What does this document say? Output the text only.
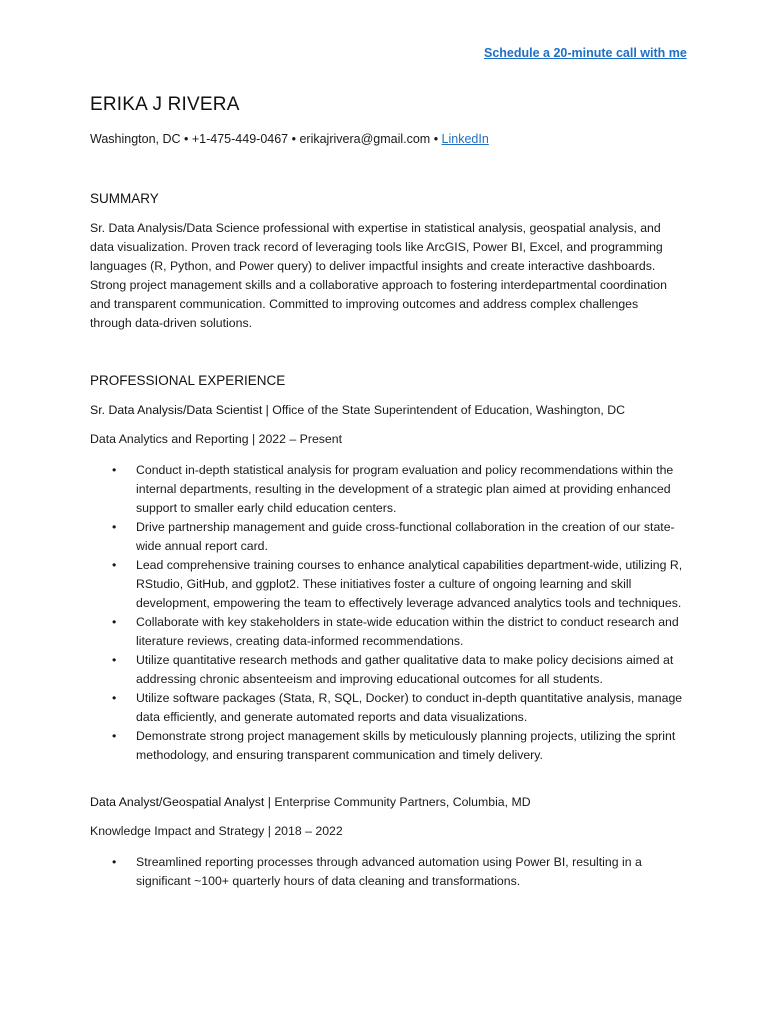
Schedule a 20-minute call with me
ERIKA J RIVERA
Washington, DC • +1-475-449-0467 • erikajrivera@gmail.com • LinkedIn
SUMMARY
Sr. Data Analysis/Data Science professional with expertise in statistical analysis, geospatial analysis, and data visualization. Proven track record of leveraging tools like ArcGIS, Power BI, Excel, and programming languages (R, Python, and Power query) to deliver impactful insights and create interactive dashboards. Strong project management skills and a collaborative approach to fostering interdepartmental coordination and transparent communication. Committed to improving outcomes and address complex challenges through data-driven solutions.
PROFESSIONAL EXPERIENCE
Sr. Data Analysis/Data Scientist | Office of the State Superintendent of Education, Washington, DC
Data Analytics and Reporting | 2022 – Present
• Conduct in-depth statistical analysis for program evaluation and policy recommendations within the internal departments, resulting in the development of a strategic plan aimed at providing enhanced support to smaller early child education centers.
• Drive partnership management and guide cross-functional collaboration in the creation of our state-wide annual report card.
• Lead comprehensive training courses to enhance analytical capabilities department-wide, utilizing R, RStudio, GitHub, and ggplot2. These initiatives foster a culture of ongoing learning and skill development, empowering the team to effectively leverage advanced analytics tools and techniques.
• Collaborate with key stakeholders in state-wide education within the district to conduct research and literature reviews, creating data-informed recommendations.
• Utilize quantitative research methods and gather qualitative data to make policy decisions aimed at addressing chronic absenteeism and improving educational outcomes for all students.
• Utilize software packages (Stata, R, SQL, Docker) to conduct in-depth quantitative analysis, manage data efficiently, and generate automated reports and data visualizations.
• Demonstrate strong project management skills by meticulously planning projects, utilizing the sprint methodology, and ensuring transparent communication and timely delivery.
Data Analyst/Geospatial Analyst | Enterprise Community Partners, Columbia, MD
Knowledge Impact and Strategy | 2018 – 2022
• Streamlined reporting processes through advanced automation using Power BI, resulting in a significant ~100+ quarterly hours of data cleaning and transformations.
